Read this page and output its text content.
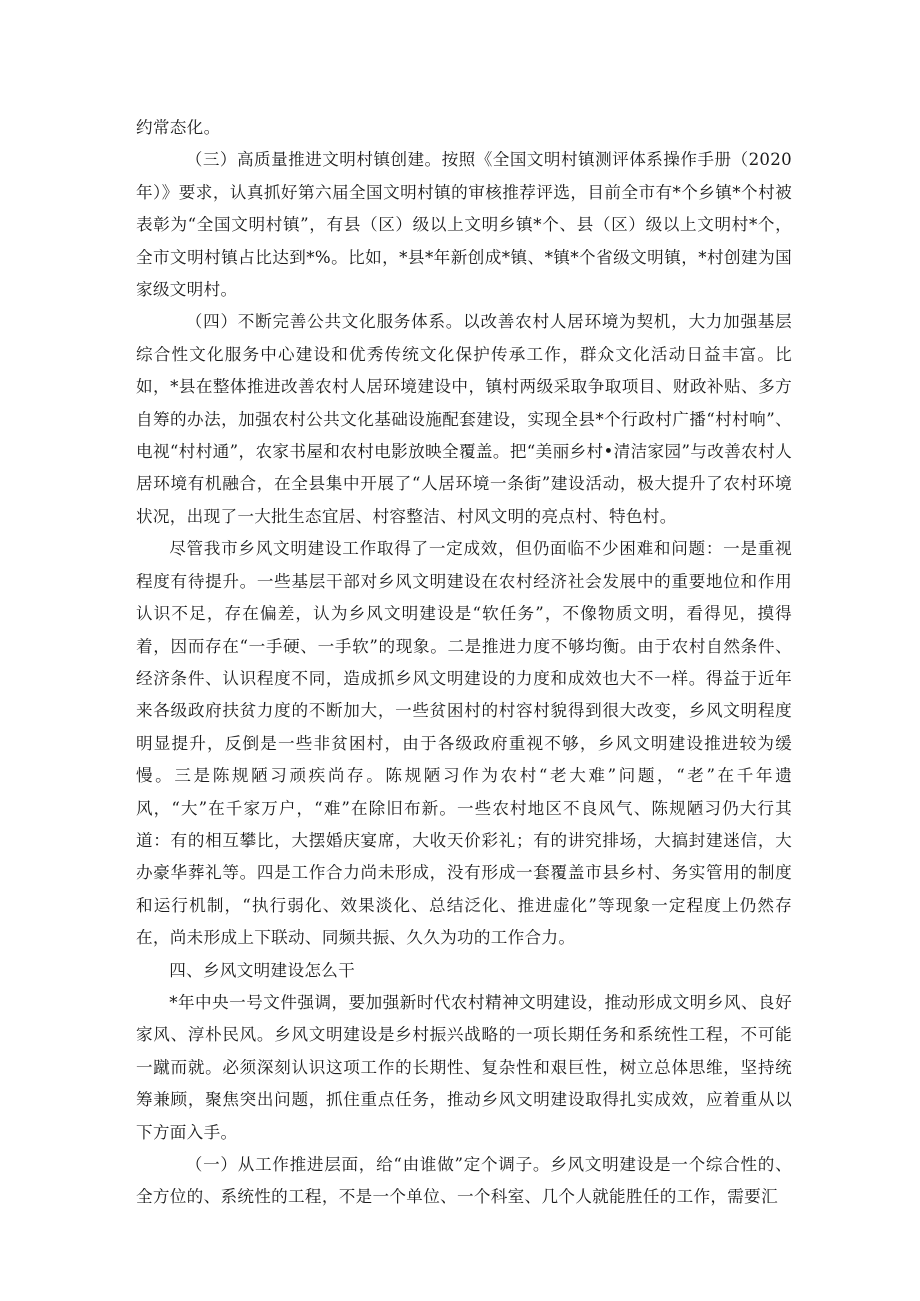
约常态化。

（三）高质量推进文明村镇创建。按照《全国文明村镇测评体系操作手册（2020年）》要求，认真抓好第六届全国文明村镇的审核推荐评选，目前全市有*个乡镇*个村被表彰为“全国文明村镇”，有县（区）级以上文明乡镇*个、县（区）级以上文明村*个，全市文明村镇占比达到*%。比如，*县*年新创成*镇、*镇*个省级文明镇，*村创建为国家级文明村。

（四）不断完善公共文化服务体系。以改善农村人居环境为契机，大力加强基层综合性文化服务中心建设和优秀传统文化保护传承工作，群众文化活动日益丰富。比如，*县在整体推进改善农村人居环境建设中，镇村两级采取争取项目、财政补贴、多方自筹的办法，加强农村公共文化基础设施配套建设，实现全县*个行政村广播“村村响”、电视“村村通”，农家书屋和农村电影放映全覆盖。把“美丽乡村•清洁家园”与改善农村人居环境有机融合，在全县集中开展了“人居环境一条街”建设活动，极大提升了农村环境状况，出现了一大批生态宜居、村容整洁、村风文明的亮点村、特色村。

尽管我市乡风文明建设工作取得了一定成效，但仍面临不少困难和问题：一是重视程度有待提升。一些基层干部对乡风文明建设在农村经济社会发展中的重要地位和作用认识不足，存在偏差，认为乡风文明建设是“软任务”，不像物质文明，看得见，摸得着，因而存在“一手硬、一手软”的现象。二是推进力度不够均衡。由于农村自然条件、经济条件、认识程度不同，造成抓乡风文明建设的力度和成效也大不一样。得益于近年来各级政府扶贫力度的不断加大，一些贫困村的村容村貌得到很大改变，乡风文明程度明显提升，反倒是一些非贫困村，由于各级政府重视不够，乡风文明建设推进较为缓慢。三是陈规陋习顽疾尚存。陈规陋习作为农村“老大难”问题，“老”在千年遗风，“大”在千家万户，“难”在除旧布新。一些农村地区不良风气、陈规陋习仍大行其道：有的相互攀比，大摆婚庆宴席，大收天价彩礼；有的讲究排场，大搞封建迷信，大办豪华葬礼等。四是工作合力尚未形成，没有形成一套覆盖市县乡村、务实管用的制度和运行机制，“执行弱化、效果淡化、总结泛化、推进虚化”等现象一定程度上仍然存在，尚未形成上下联动、同频共振、久久为功的工作合力。

四、乡风文明建设怎么干

*年中央一号文件强调，要加强新时代农村精神文明建设，推动形成文明乡风、良好家风、淳朴民风。乡风文明建设是乡村振兴战略的一项长期任务和系统性工程，不可能一蹴而就。必须深刻认识这项工作的长期性、复杂性和艰巨性，树立总体思维，坚持统筹兼顾，聚焦突出问题，抓住重点任务，推动乡风文明建设取得扎实成效，应着重从以下方面入手。

（一）从工作推进层面，给“由谁做”定个调子。乡风文明建设是一个综合性的、全方位的、系统性的工程，不是一个单位、一个科室、几个人就能胜任的工作，需要汇
